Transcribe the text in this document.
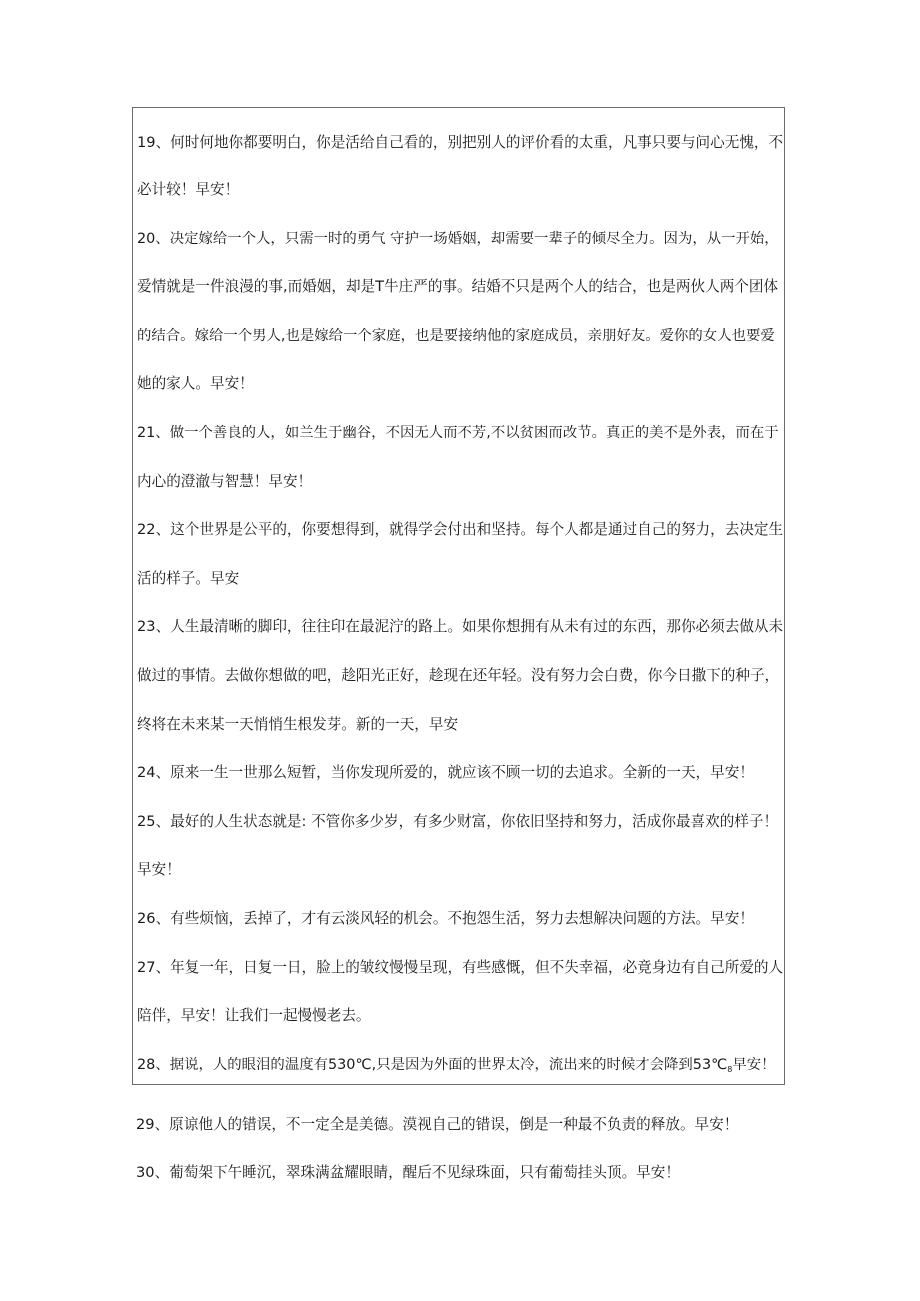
19、何时何地你都要明白，你是活给自己看的，别把别人的评价看的太重，凡事只要与问心无愧，不
必计较！早安！
20、决定嫁给一个人，只需一时的勇气 守护一场婚姻，却需要一辈子的倾尽全力。因为，从一开始，
爱情就是一件浪漫的事,而婚姻，却是T牛庄严的事。结婚不只是两个人的结合，也是两伙人两个团体
的结合。嫁给一个男人,也是嫁给一个家庭，也是要接纳他的家庭成员，亲朋好友。爱你的女人也要爱
她的家人。早安！
21、做一个善良的人，如兰生于幽谷，不因无人而不芳,不以贫困而改节。真正的美不是外表，而在于
内心的澄澈与智慧！早安！
22、这个世界是公平的，你要想得到，就得学会付出和坚持。每个人都是通过自己的努力，去决定生
活的样子。早安
23、人生最清晰的脚印，往往印在最泥泞的路上。如果你想拥有从未有过的东西，那你必须去做从未
做过的事情。去做你想做的吧，趁阳光正好，趁现在还年轻。没有努力会白费，你今日撒下的种子，
终将在未来某一天悄悄生根发芽。新的一天，早安
24、原来一生一世那么短暂，当你发现所爱的，就应该不顾一切的去追求。全新的一天，早安！
25、最好的人生状态就是: 不管你多少岁，有多少财富，你依旧坚持和努力，活成你最喜欢的样子！
早安！
26、有些烦恼，丢掉了，才有云淡风轻的机会。不抱怨生活，努力去想解决问题的方法。早安！
27、年复一年，日复一日，脸上的皱纹慢慢呈现，有些感慨，但不失幸福，必竟身边有自己所爱的人
陪伴，早安！让我们一起慢慢老去。
28、据说，人的眼泪的温度有530℃,只是因为外面的世界太冷，流出来的时候才会降到$53℃_8$早安！
29、原谅他人的错误，不一定全是美德。漠视自己的错误，倒是一种最不负责的释放。早安！
30、葡萄架下午睡沉，翠珠满盆耀眼睛，醒后不见绿珠面，只有葡萄挂头顶。早安！
